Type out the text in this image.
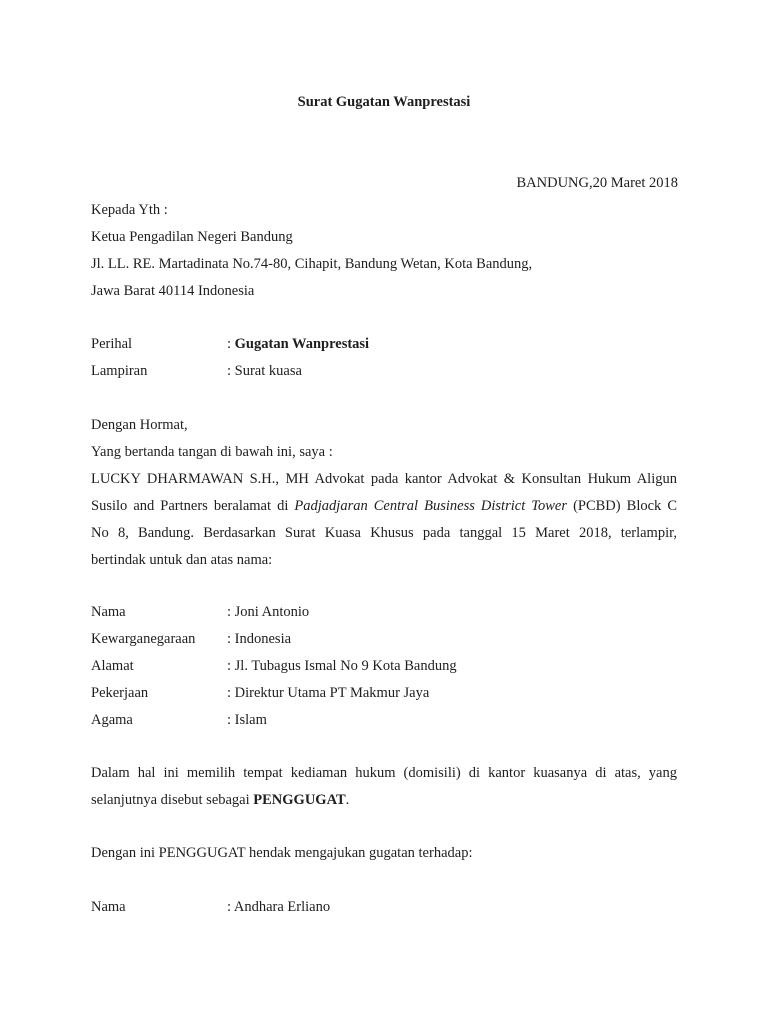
Surat Gugatan Wanprestasi
BANDUNG,20 Maret 2018
Kepada Yth :
Ketua Pengadilan Negeri Bandung
Jl. LL. RE. Martadinata No.74-80, Cihapit, Bandung Wetan, Kota Bandung,
Jawa Barat 40114 Indonesia
Perihal	: Gugatan Wanprestasi
Lampiran	: Surat kuasa
Dengan Hormat,
Yang bertanda tangan di bawah ini, saya :
LUCKY DHARMAWAN S.H., MH Advokat pada kantor Advokat & Konsultan Hukum Aligun
Susilo and Partners beralamat di Padjadjaran Central Business District Tower (PCBD) Block C
No 8, Bandung. Berdasarkan Surat Kuasa Khusus pada tanggal 15 Maret 2018, terlampir,
bertindak untuk dan atas nama:
Nama	: Joni Antonio
Kewarganegaraan : Indonesia
Alamat	: Jl. Tubagus Ismal No 9 Kota Bandung
Pekerjaan	: Direktur Utama PT Makmur Jaya
Agama	: Islam
Dalam hal ini memilih tempat kediaman hukum (domisili) di kantor kuasanya di atas, yang
selanjutnya disebut sebagai PENGGUGAT.
Dengan ini PENGGUGAT hendak mengajukan gugatan terhadap:
Nama	: Andhara Erliano
